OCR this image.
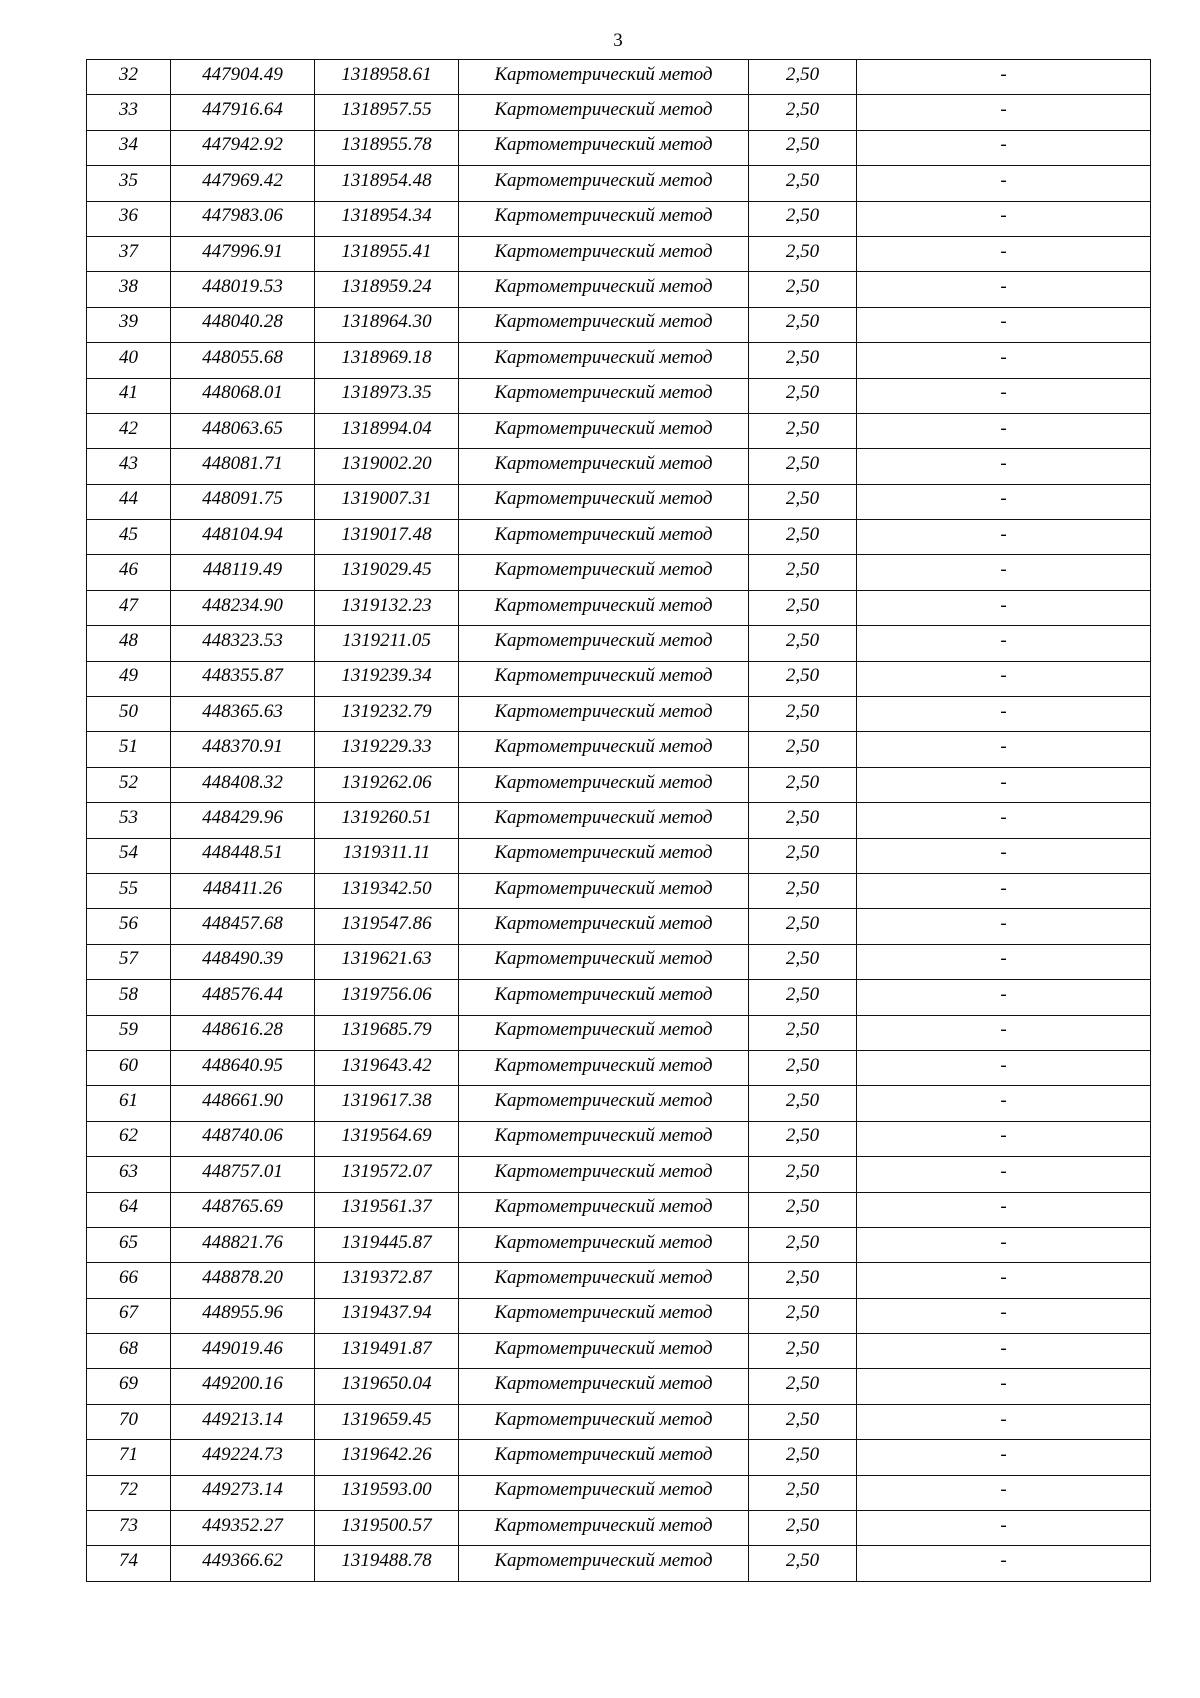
3
32	447904.49	1318958.61	Картометрический метод	2,50	-
33	447916.64	1318957.55	Картометрический метод	2,50	-
34	447942.92	1318955.78	Картометрический метод	2,50	-
35	447969.42	1318954.48	Картометрический метод	2,50	-
36	447983.06	1318954.34	Картометрический метод	2,50	-
37	447996.91	1318955.41	Картометрический метод	2,50	-
38	448019.53	1318959.24	Картометрический метод	2,50	-
39	448040.28	1318964.30	Картометрический метод	2,50	-
40	448055.68	1318969.18	Картометрический метод	2,50	-
41	448068.01	1318973.35	Картометрический метод	2,50	-
42	448063.65	1318994.04	Картометрический метод	2,50	-
43	448081.71	1319002.20	Картометрический метод	2,50	-
44	448091.75	1319007.31	Картометрический метод	2,50	-
45	448104.94	1319017.48	Картометрический метод	2,50	-
46	448119.49	1319029.45	Картометрический метод	2,50	-
47	448234.90	1319132.23	Картометрический метод	2,50	-
48	448323.53	1319211.05	Картометрический метод	2,50	-
49	448355.87	1319239.34	Картометрический метод	2,50	-
50	448365.63	1319232.79	Картометрический метод	2,50	-
51	448370.91	1319229.33	Картометрический метод	2,50	-
52	448408.32	1319262.06	Картометрический метод	2,50	-
53	448429.96	1319260.51	Картометрический метод	2,50	-
54	448448.51	1319311.11	Картометрический метод	2,50	-
55	448411.26	1319342.50	Картометрический метод	2,50	-
56	448457.68	1319547.86	Картометрический метод	2,50	-
57	448490.39	1319621.63	Картометрический метод	2,50	-
58	448576.44	1319756.06	Картометрический метод	2,50	-
59	448616.28	1319685.79	Картометрический метод	2,50	-
60	448640.95	1319643.42	Картометрический метод	2,50	-
61	448661.90	1319617.38	Картометрический метод	2,50	-
62	448740.06	1319564.69	Картометрический метод	2,50	-
63	448757.01	1319572.07	Картометрический метод	2,50	-
64	448765.69	1319561.37	Картометрический метод	2,50	-
65	448821.76	1319445.87	Картометрический метод	2,50	-
66	448878.20	1319372.87	Картометрический метод	2,50	-
67	448955.96	1319437.94	Картометрический метод	2,50	-
68	449019.46	1319491.87	Картометрический метод	2,50	-
69	449200.16	1319650.04	Картометрический метод	2,50	-
70	449213.14	1319659.45	Картометрический метод	2,50	-
71	449224.73	1319642.26	Картометрический метод	2,50	-
72	449273.14	1319593.00	Картометрический метод	2,50	-
73	449352.27	1319500.57	Картометрический метод	2,50	-
74	449366.62	1319488.78	Картометрический метод	2,50	-
